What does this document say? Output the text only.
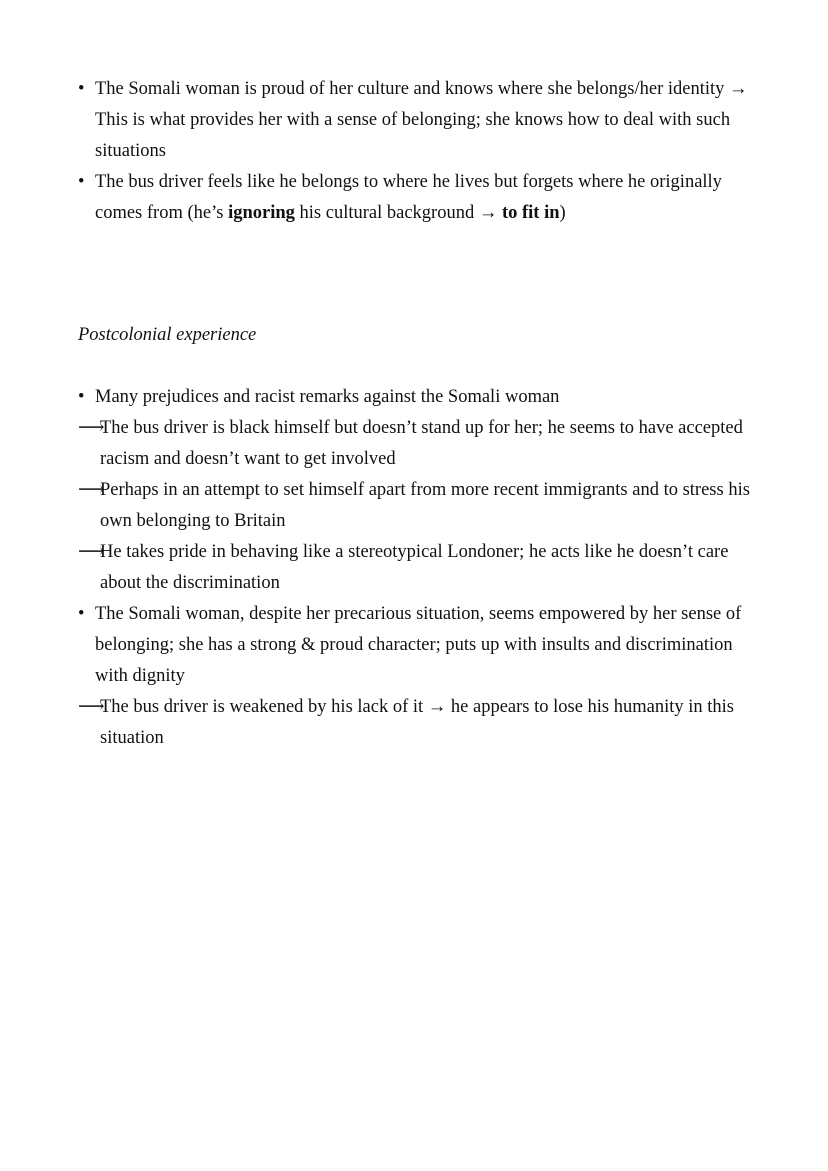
• The Somali woman is proud of her culture and knows where she belongs/her identity → This is what provides her with a sense of belonging; she knows how to deal with such situations

• The bus driver feels like he belongs to where he lives but forgets where he originally comes from (he’s ignoring his cultural background → to fit in)

Postcolonial experience

• Many prejudices and racist remarks against the Somali woman

⟶
The bus driver is black himself but doesn’t stand up for her; he seems to have accepted racism and doesn’t want to get involved

⟶
Perhaps in an attempt to set himself apart from more recent immigrants and to stress his own belonging to Britain

⟶
He takes pride in behaving like a stereotypical Londoner; he acts like he doesn’t care about the discrimination

• The Somali woman, despite her precarious situation, seems empowered by her sense of belonging; she has a strong & proud character; puts up with insults and discrimination with dignity

⟶
The bus driver is weakened by his lack of it → he appears to lose his humanity in this situation
